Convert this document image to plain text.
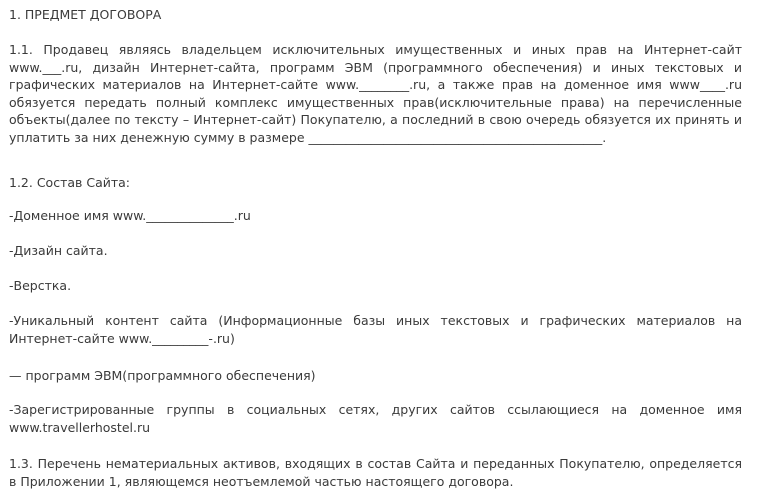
1. ПРЕДМЕТ ДОГОВОРА

1.1. Продавец являясь владельцем исключительных имущественных и иных прав на Интернет-сайт www.___.ru, дизайн Интернет-сайта, программ ЭВМ (программного обеспечения) и иных текстовых и графических материалов на Интернет-сайте www.________.ru, а также прав на доменное имя www____.ru обязуется передать полный комплекс имущественных прав(исключительные права) на перечисленные объекты(далее по тексту – Интернет-сайт) Покупателю, а последний в свою очередь обязуется их принять и уплатить за них денежную сумму в размере _______________________________________________.

1.2. Состав Сайта:

-Доменное имя www.______________.ru

-Дизайн сайта.

-Верстка.

-Уникальный контент сайта (Информационные базы иных текстовых и графических материалов на Интернет-сайте www._________-.ru)

— программ ЭВМ(программного обеспечения)

-Зарегистрированные группы в социальных сетях, других сайтов ссылающиеся на доменное имя www.travellerhostel.ru

1.3. Перечень нематериальных активов, входящих в состав Сайта и переданных Покупателю, определяется в Приложении 1, являющемся неотъемлемой частью настоящего договора.
